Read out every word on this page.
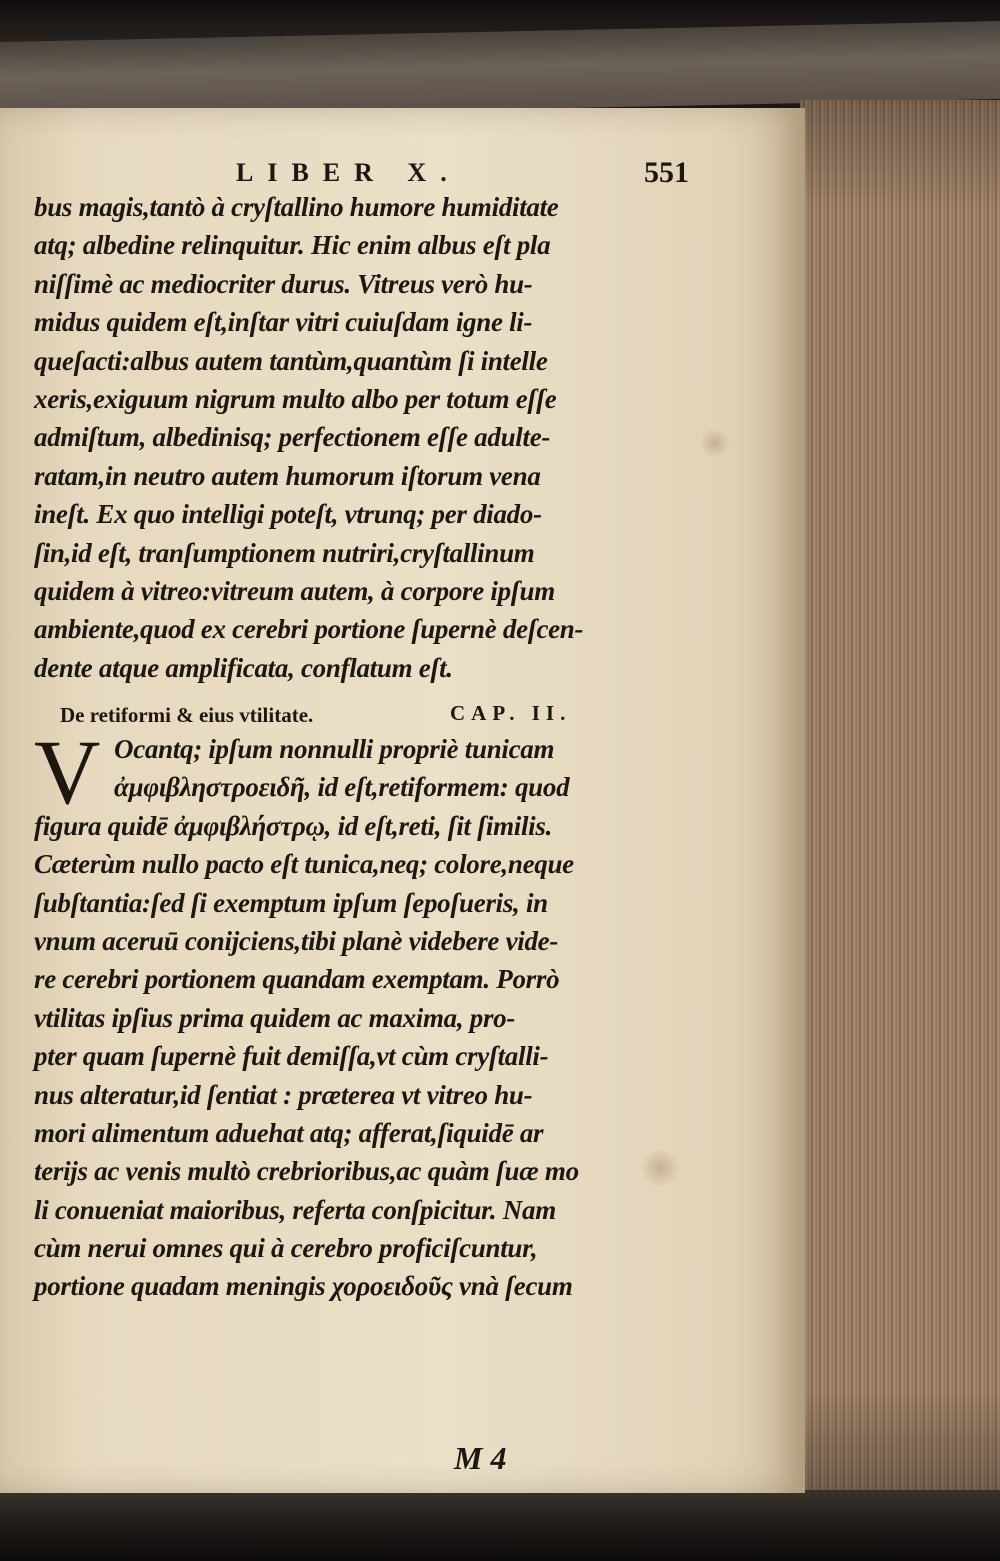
LIBER X.	551
bus magis,tantò à cryſtallino humore humiditate
atq; albedine relinquitur. Hic enim albus eſt pla
niſſimè ac mediocriter durus. Vitreus verò hu-
midus quidem eſt,inſtar vitri cuiuſdam igne li-
queſacti:albus autem tantùm,quantùm ſi intelle
xeris,exiguum nigrum multo albo per totum eſſe
admiſtum, albedinisq; perfectionem eſſe adulte-
ratam,in neutro autem humorum iſtorum vena
ineſt. Ex quo intelligi poteſt, vtrunq; per diado-
ſin,id eſt, tranſumptionem nutriri,cryſtallinum
quidem à vitreo:vitreum autem, à corpore ipſum
ambiente,quod ex cerebri portione ſupernè deſcen-
dente atque amplificata, conflatum eſt.
De retiformi & eius vtilitate.	CAP. II.
V Ocantq; ipſum nonnulli propriè tunicam
ἀμφιβληστροειδῆ, id eſt,retiformem: quod
figura quidē ἀμφιβλήστρῳ, id eſt,reti, ſit ſimilis.
Cæterùm nullo pacto eſt tunica,neq; colore,neque
ſubſtantia:ſed ſi exemptum ipſum ſepoſueris, in
vnum aceruū conijciens,tibi planè videbere vide-
re cerebri portionem quandam exemptam. Porrò
vtilitas ipſius prima quidem ac maxima, pro-
pter quam ſupernè fuit demiſſa,vt cùm cryſtalli-
nus alteratur,id ſentiat : præterea vt vitreo hu-
mori alimentum aduehat atq; afferat,ſiquidē ar
terijs ac venis multò crebrioribus,ac quàm ſuæ mo
li conueniat maioribus, referta conſpicitur. Nam
cùm nerui omnes qui à cerebro proficiſcuntur,
portione quadam meningis χοροειδοῦς vnà ſecum
M 4
